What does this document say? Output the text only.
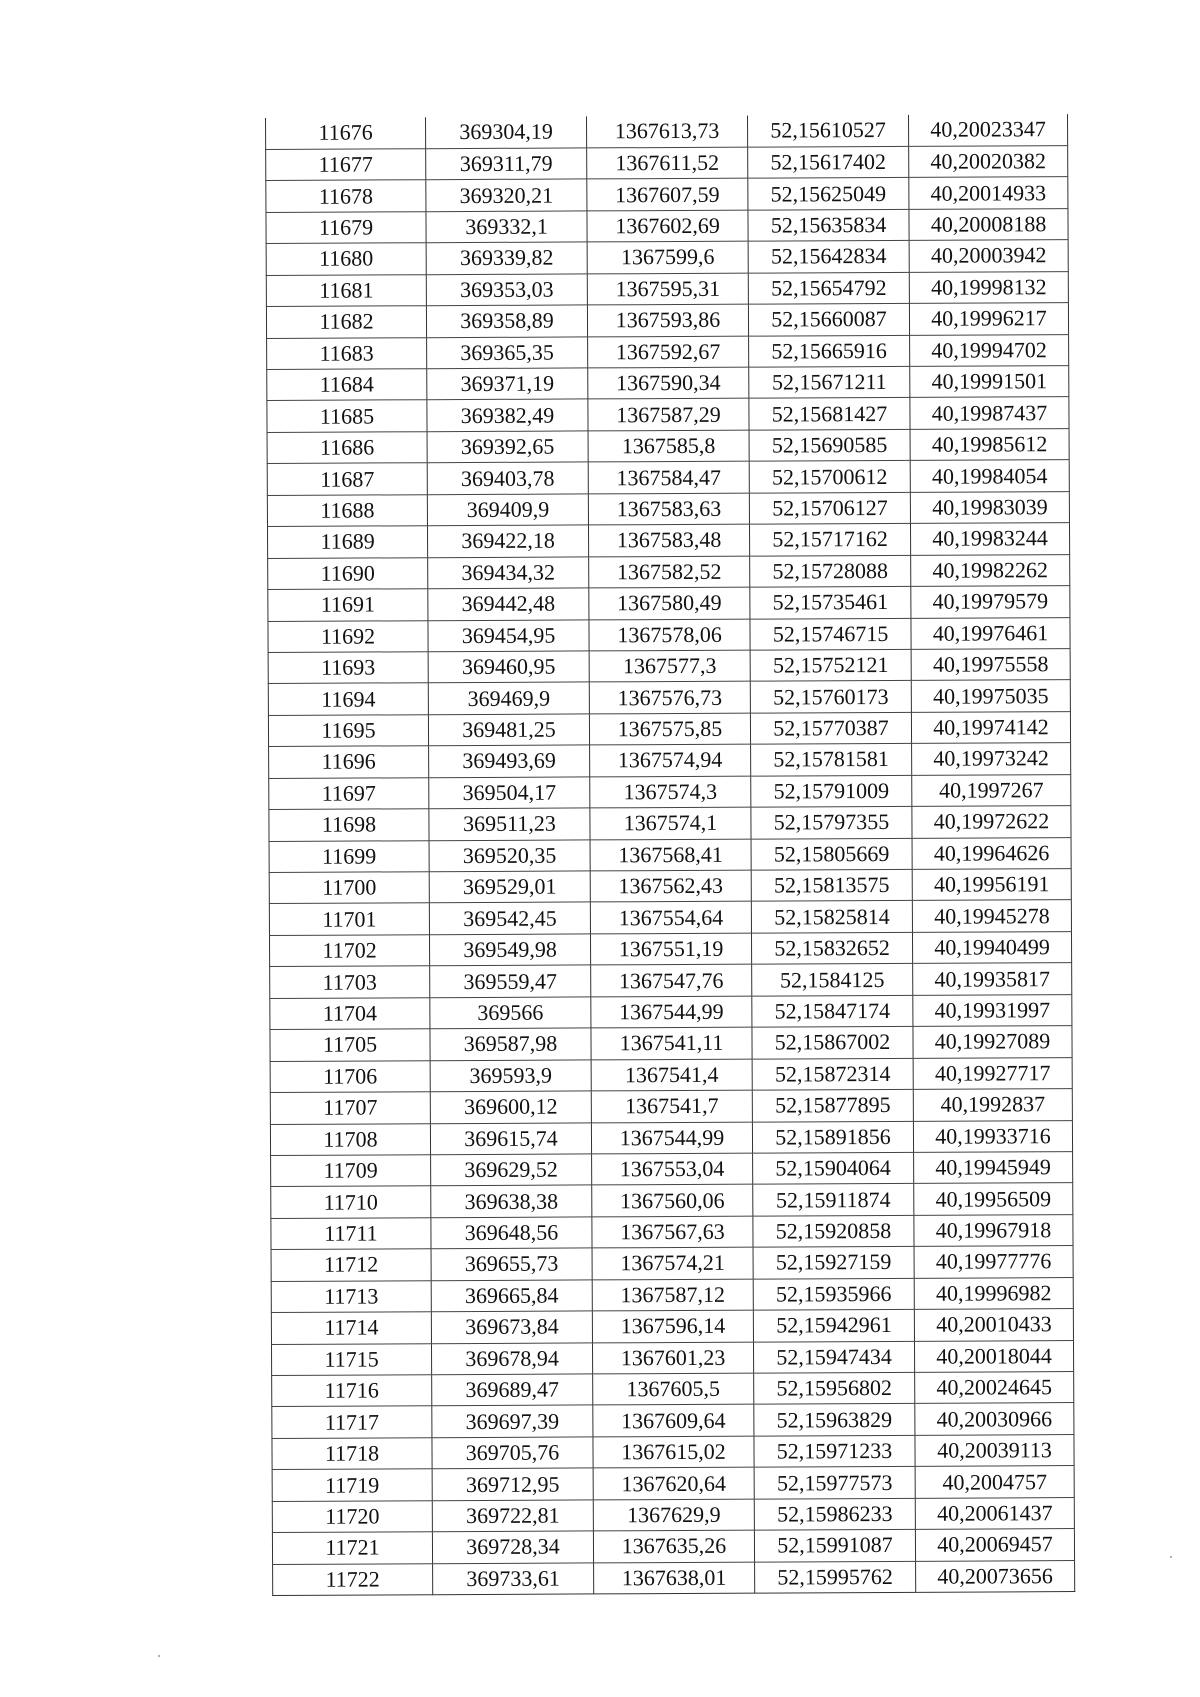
11676	369304,19	1367613,73	52,15610527	40,20023347
11677	369311,79	1367611,52	52,15617402	40,20020382
11678	369320,21	1367607,59	52,15625049	40,20014933
11679	369332,1	1367602,69	52,15635834	40,20008188
11680	369339,82	1367599,6	52,15642834	40,20003942
11681	369353,03	1367595,31	52,15654792	40,19998132
11682	369358,89	1367593,86	52,15660087	40,19996217
11683	369365,35	1367592,67	52,15665916	40,19994702
11684	369371,19	1367590,34	52,15671211	40,19991501
11685	369382,49	1367587,29	52,15681427	40,19987437
11686	369392,65	1367585,8	52,15690585	40,19985612
11687	369403,78	1367584,47	52,15700612	40,19984054
11688	369409,9	1367583,63	52,15706127	40,19983039
11689	369422,18	1367583,48	52,15717162	40,19983244
11690	369434,32	1367582,52	52,15728088	40,19982262
11691	369442,48	1367580,49	52,15735461	40,19979579
11692	369454,95	1367578,06	52,15746715	40,19976461
11693	369460,95	1367577,3	52,15752121	40,19975558
11694	369469,9	1367576,73	52,15760173	40,19975035
11695	369481,25	1367575,85	52,15770387	40,19974142
11696	369493,69	1367574,94	52,15781581	40,19973242
11697	369504,17	1367574,3	52,15791009	40,1997267
11698	369511,23	1367574,1	52,15797355	40,19972622
11699	369520,35	1367568,41	52,15805669	40,19964626
11700	369529,01	1367562,43	52,15813575	40,19956191
11701	369542,45	1367554,64	52,15825814	40,19945278
11702	369549,98	1367551,19	52,15832652	40,19940499
11703	369559,47	1367547,76	52,1584125	40,19935817
11704	369566	1367544,99	52,15847174	40,19931997
11705	369587,98	1367541,11	52,15867002	40,19927089
11706	369593,9	1367541,4	52,15872314	40,19927717
11707	369600,12	1367541,7	52,15877895	40,1992837
11708	369615,74	1367544,99	52,15891856	40,19933716
11709	369629,52	1367553,04	52,15904064	40,19945949
11710	369638,38	1367560,06	52,15911874	40,19956509
11711	369648,56	1367567,63	52,15920858	40,19967918
11712	369655,73	1367574,21	52,15927159	40,19977776
11713	369665,84	1367587,12	52,15935966	40,19996982
11714	369673,84	1367596,14	52,15942961	40,20010433
11715	369678,94	1367601,23	52,15947434	40,20018044
11716	369689,47	1367605,5	52,15956802	40,20024645
11717	369697,39	1367609,64	52,15963829	40,20030966
11718	369705,76	1367615,02	52,15971233	40,20039113
11719	369712,95	1367620,64	52,15977573	40,2004757
11720	369722,81	1367629,9	52,15986233	40,20061437
11721	369728,34	1367635,26	52,15991087	40,20069457
11722	369733,61	1367638,01	52,15995762	40,20073656
